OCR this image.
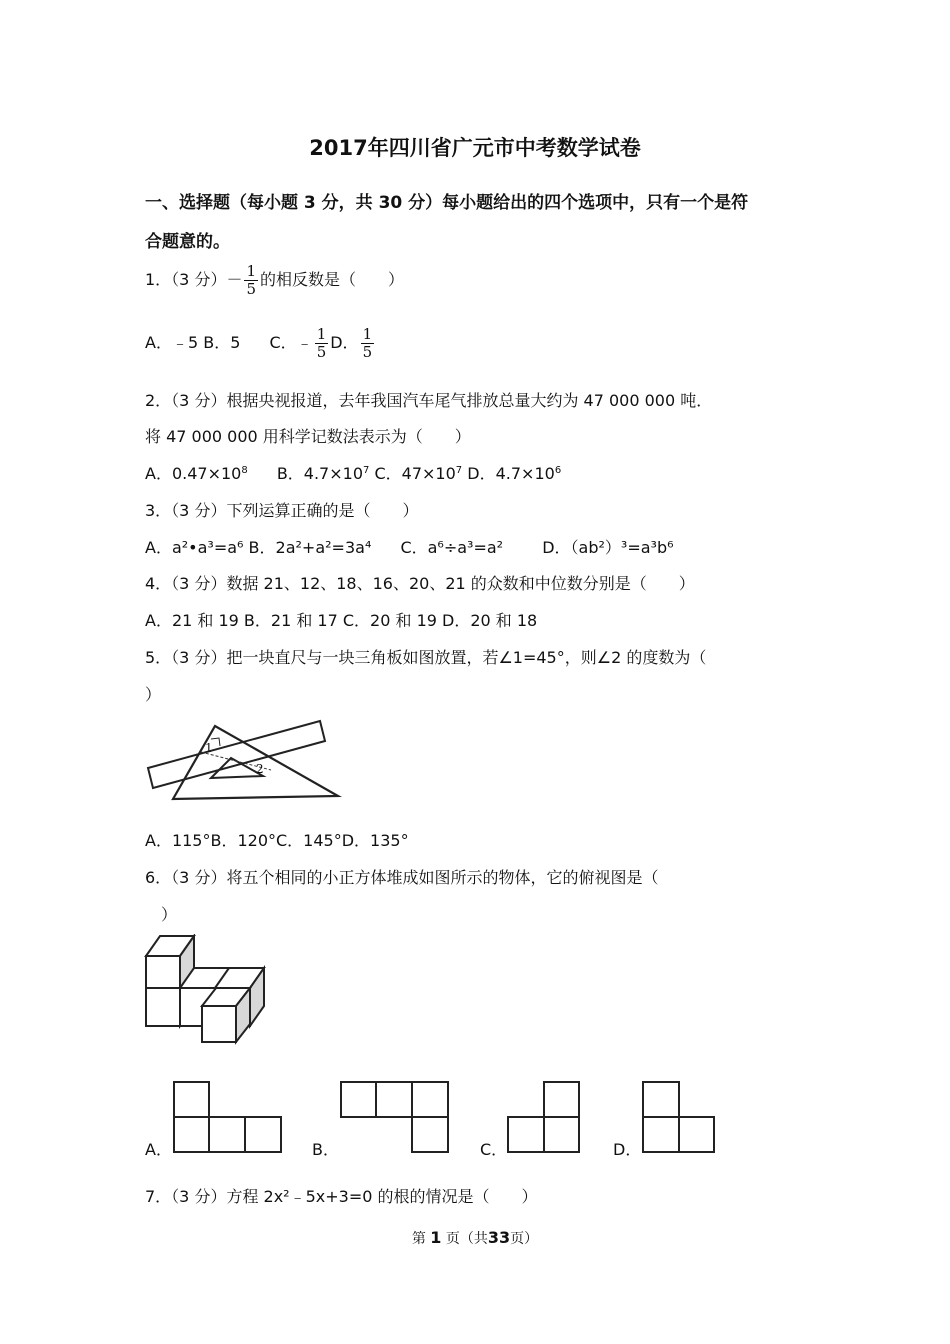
2017年四川省广元市中考数学试卷
一、选择题（每小题 3 分，共 30 分）每小题给出的四个选项中，只有一个是符
合题意的。
1．（3 分）－ $\frac{1}{5}$ 的相反数是（　　）
A．﹣5 B．5 C．﹣ $\frac{1}{5}$ D． $\frac{1}{5}$
2．（3 分）根据央视报道，去年我国汽车尾气排放总量大约为 47 000 000 吨．
将 47 000 000 用科学记数法表示为（　　）
A．$0.47\times 10^8$ B．$4.7\times 10^7$ C．$47\times 10^7$ D．$4.7\times 10^6$
3．（3 分）下列运算正确的是（　　）
A．a²•a³=a⁶ B．2a²+a²=3a⁴ C．a⁶÷a³=a² D．（ab²）³=a³b⁶
4．（3 分）数据 21、12、18、16、20、21 的众数和中位数分别是（　　）
A．21 和 19 B．21 和 17 C．20 和 19 D．20 和 18
5．（3 分）把一块直尺与一块三角板如图放置，若∠1=45°，则∠2 的度数为（
）
1
2
A．115°B．120°C．145°D．135°
6．（3 分）将五个相同的小正方体堆成如图所示的物体，它的俯视图是（
　）
A．	B．	C．	D．
7．（3 分）方程 2x²﹣5x+3=0 的根的情况是（　　）
第 1 页（共33页）
